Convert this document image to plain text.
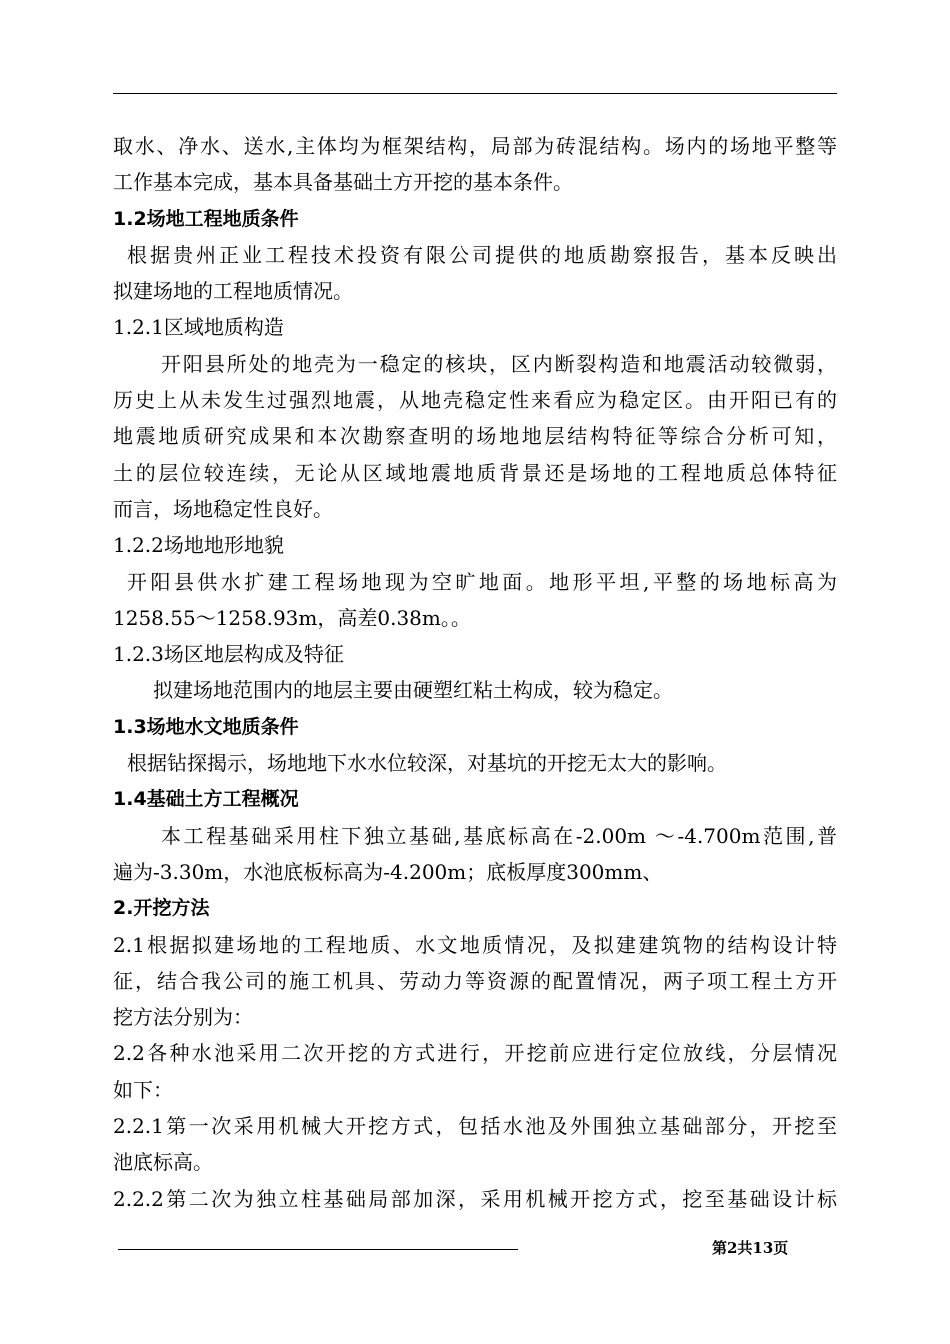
取水、净水、送水,主体均为框架结构，局部为砖混结构。场内的场地平整等
工作基本完成，基本具备基础土方开挖的基本条件。
1.2场地工程地质条件
根据贵州正业工程技术投资有限公司提供的地质勘察报告，基本反映出
拟建场地的工程地质情况。
1.2.1区域地质构造
开阳县所处的地壳为一稳定的核块，区内断裂构造和地震活动较微弱，
历史上从未发生过强烈地震，从地壳稳定性来看应为稳定区。由开阳已有的
地震地质研究成果和本次勘察查明的场地地层结构特征等综合分析可知，
土的层位较连续，无论从区域地震地质背景还是场地的工程地质总体特征
而言，场地稳定性良好。
1.2.2场地地形地貌
开阳县供水扩建工程场地现为空旷地面。地形平坦,平整的场地标高为
1258.55～1258.93m，高差0.38m。。
1.2.3场区地层构成及特征
拟建场地范围内的地层主要由硬塑红粘土构成，较为稳定。
1.3场地水文地质条件
根据钻探揭示，场地地下水水位较深，对基坑的开挖无太大的影响。
1.4基础土方工程概况
本工程基础采用柱下独立基础,基底标高在-2.00m ～-4.700m范围,普
遍为-3.30m，水池底板标高为-4.200m；底板厚度300mm、
2.开挖方法
2.1根据拟建场地的工程地质、水文地质情况，及拟建建筑物的结构设计特
征，结合我公司的施工机具、劳动力等资源的配置情况，两子项工程土方开
挖方法分别为：
2.2各种水池采用二次开挖的方式进行，开挖前应进行定位放线，分层情况
如下：
2.2.1第一次采用机械大开挖方式，包括水池及外围独立基础部分，开挖至
池底标高。
2.2.2第二次为独立柱基础局部加深，采用机械开挖方式，挖至基础设计标
第2共13页
